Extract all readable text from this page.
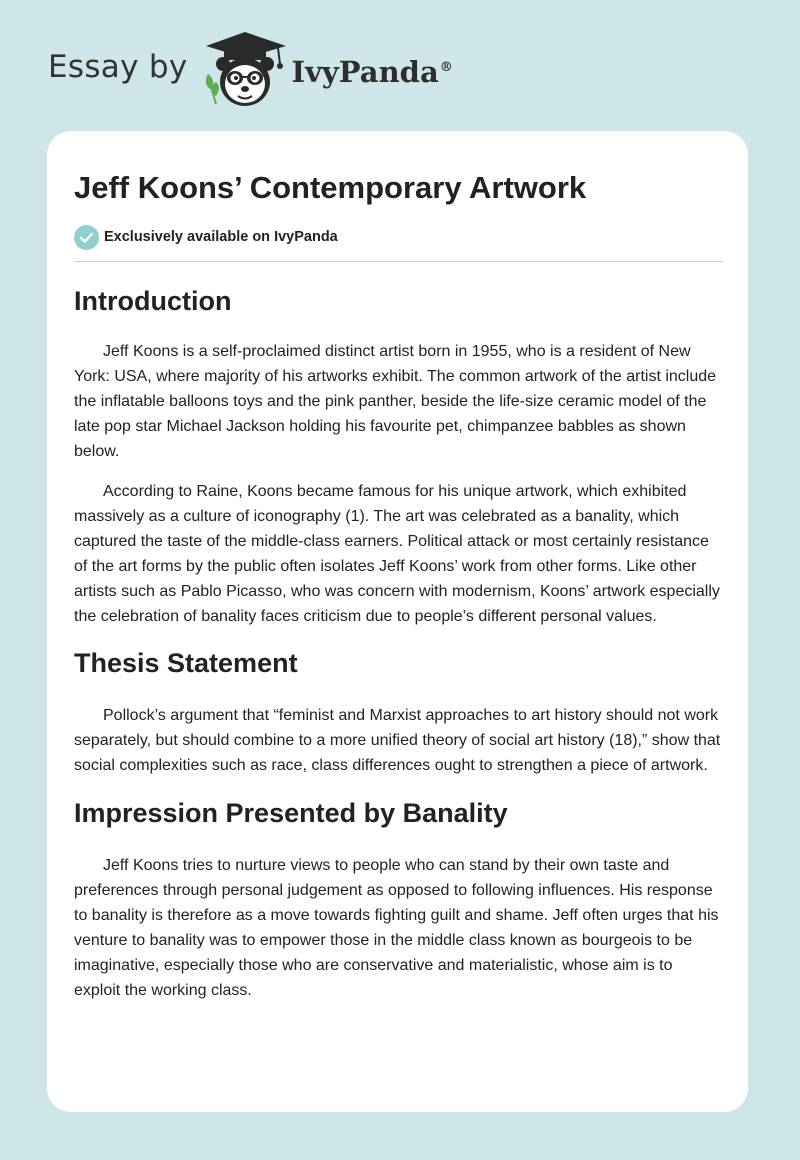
Essay by	IvyPanda®
Jeff Koons’ Contemporary Artwork
Exclusively available on IvyPanda
Introduction

Jeff Koons is a self-proclaimed distinct artist born in 1955, who is a resident of New York: USA, where majority of his artworks exhibit. The common artwork of the artist include the inflatable balloons toys and the pink panther, beside the life-size ceramic model of the late pop star Michael Jackson holding his favourite pet, chimpanzee babbles as shown below.

According to Raine, Koons became famous for his unique artwork, which exhibited massively as a culture of iconography (1). The art was celebrated as a banality, which captured the taste of the middle-class earners. Political attack or most certainly resistance of the art forms by the public often isolates Jeff Koons’ work from other forms. Like other artists such as Pablo Picasso, who was concern with modernism, Koons’ artwork especially the celebration of banality faces criticism due to people’s different personal values.

Thesis Statement

Pollock’s argument that “feminist and Marxist approaches to art history should not work separately, but should combine to a more unified theory of social art history (18),” show that social complexities such as race, class differences ought to strengthen a piece of artwork.

Impression Presented by Banality

Jeff Koons tries to nurture views to people who can stand by their own taste and preferences through personal judgement as opposed to following influences. His response to banality is therefore as a move towards fighting guilt and shame. Jeff often urges that his venture to banality was to empower those in the middle class known as bourgeois to be imaginative, especially those who are conservative and materialistic, whose aim is to exploit the working class.
